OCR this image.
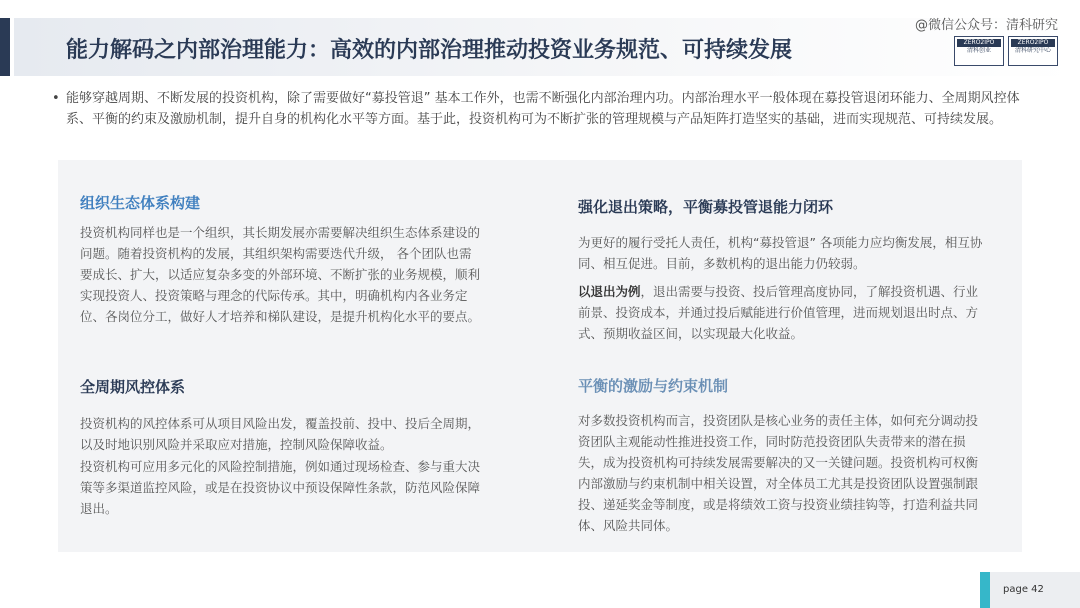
能力解码之内部治理能力：高效的内部治理推动投资业务规范、可持续发展
@微信公众号：清科研究
ZERO2IPO
清科创业
ZERO2IPO
清科研究中心
• 能够穿越周期、不断发展的投资机构，除了需要做好“募投管退” 基本工作外，也需不断强化内部治理内功。内部治理水平一般体现在募投管退闭环能力、全周期风控体系、平衡的约束及激励机制，提升自身的机构化水平等方面。基于此，投资机构可为不断扩张的管理规模与产品矩阵打造坚实的基础，进而实现规范、可持续发展。
组织生态体系构建
投资机构同样也是一个组织，其长期发展亦需要解决组织生态体系建设的问题。随着投资机构的发展，其组织架构需要迭代升级， 各个团队也需要成长、扩大，以适应复杂多变的外部环境、不断扩张的业务规模，顺利实现投资人、投资策略与理念的代际传承。其中，明确机构内各业务定位、各岗位分工，做好人才培养和梯队建设，是提升机构化水平的要点。
全周期风控体系
投资机构的风控体系可从项目风险出发，覆盖投前、投中、投后全周期，以及时地识别风险并采取应对措施，控制风险保障收益。
投资机构可应用多元化的风险控制措施，例如通过现场检查、参与重大决策等多渠道监控风险，或是在投资协议中预设保障性条款，防范风险保障退出。
强化退出策略，平衡募投管退能力闭环
为更好的履行受托人责任，机构“募投管退” 各项能力应均衡发展，相互协同、相互促进。目前，多数机构的退出能力仍较弱。
以退出为例，退出需要与投资、投后管理高度协同，了解投资机遇、行业前景、投资成本，并通过投后赋能进行价值管理，进而规划退出时点、方式、预期收益区间，以实现最大化收益。
平衡的激励与约束机制
对多数投资机构而言，投资团队是核心业务的责任主体，如何充分调动投资团队主观能动性推进投资工作，同时防范投资团队失责带来的潜在损失，成为投资机构可持续发展需要解决的又一关键问题。投资机构可权衡内部激励与约束机制中相关设置，对全体员工尤其是投资团队设置强制跟投、递延奖金等制度，或是将绩效工资与投资业绩挂钩等，打造利益共同体、风险共同体。
page 42
